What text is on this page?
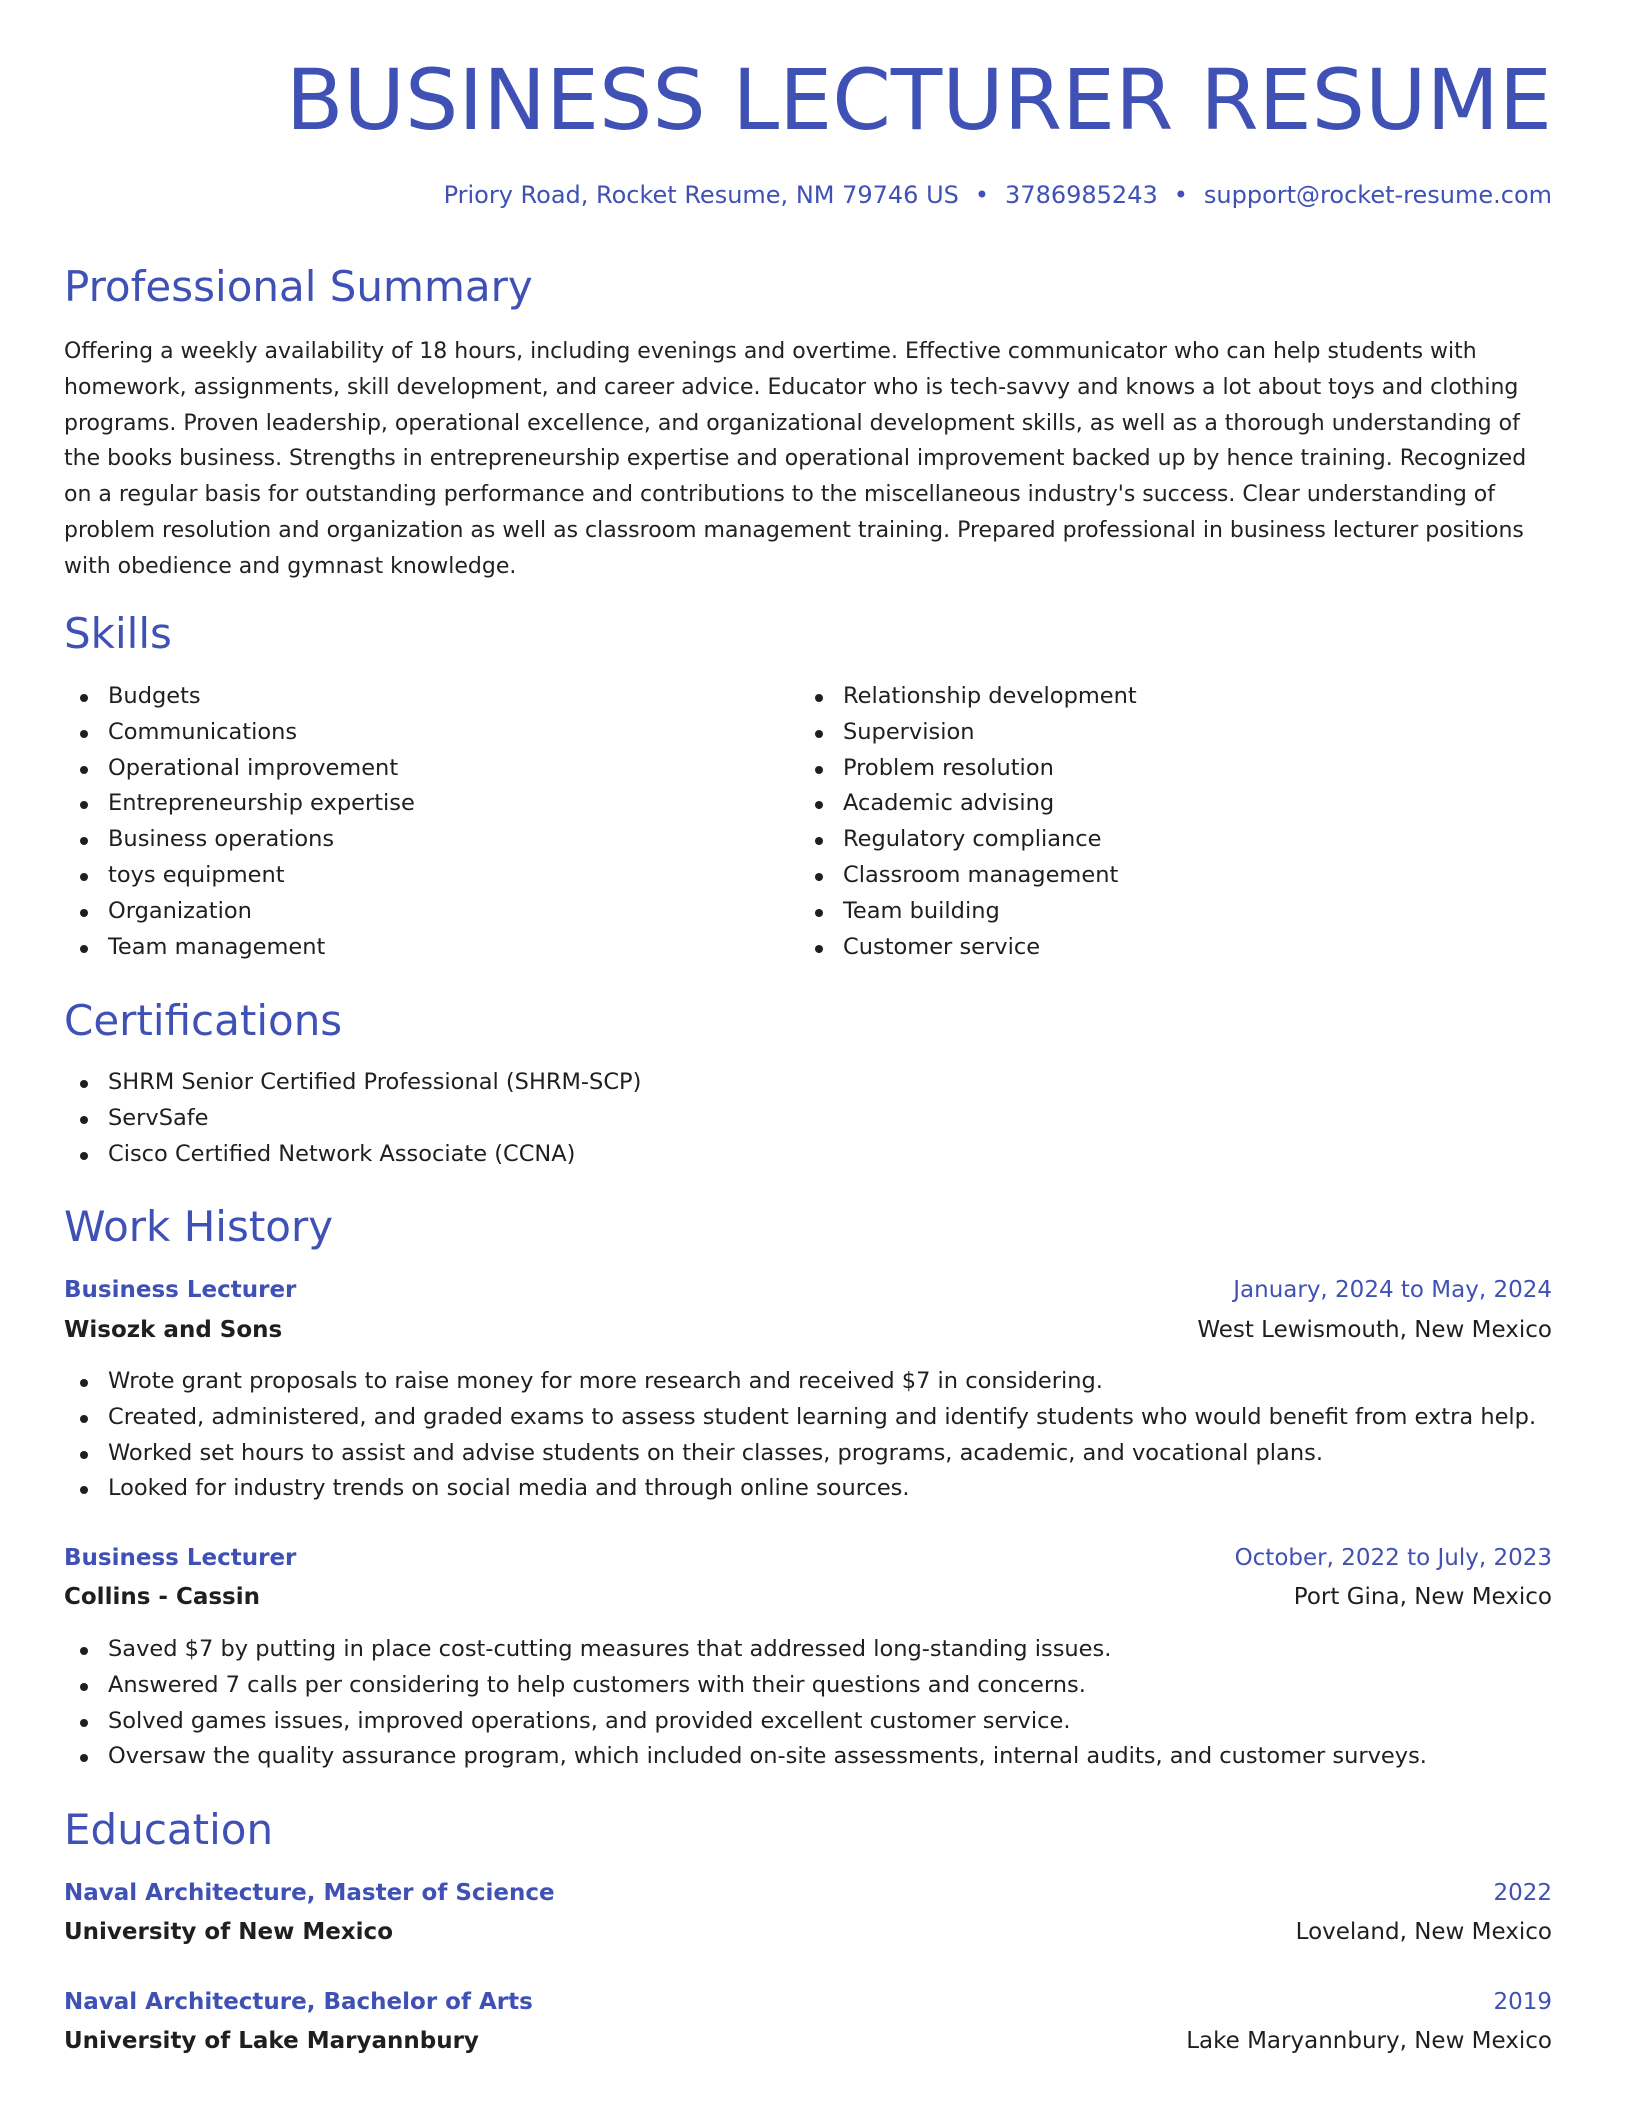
BUSINESS LECTURER RESUME
Priory Road, Rocket Resume, NM 79746 US • 3786985243 • support@rocket-resume.com
Professional Summary
Offering a weekly availability of 18 hours, including evenings and overtime. Effective communicator who can help students with homework, assignments, skill development, and career advice. Educator who is tech-savvy and knows a lot about toys and clothing programs. Proven leadership, operational excellence, and organizational development skills, as well as a thorough understanding of the books business. Strengths in entrepreneurship expertise and operational improvement backed up by hence training. Recognized on a regular basis for outstanding performance and contributions to the miscellaneous industry's success. Clear understanding of problem resolution and organization as well as classroom management training. Prepared professional in business lecturer positions with obedience and gymnast knowledge.
Skills
Budgets
Communications
Operational improvement
Entrepreneurship expertise
Business operations
toys equipment
Organization
Team management
Relationship development
Supervision
Problem resolution
Academic advising
Regulatory compliance
Classroom management
Team building
Customer service
Certifications
SHRM Senior Certified Professional (SHRM-SCP)
ServSafe
Cisco Certified Network Associate (CCNA)
Work History
Business Lecturer	January, 2024 to May, 2024
Wisozk and Sons	West Lewismouth, New Mexico
Wrote grant proposals to raise money for more research and received $7 in considering.
Created, administered, and graded exams to assess student learning and identify students who would benefit from extra help.
Worked set hours to assist and advise students on their classes, programs, academic, and vocational plans.
Looked for industry trends on social media and through online sources.
Business Lecturer	October, 2022 to July, 2023
Collins - Cassin	Port Gina, New Mexico
Saved $7 by putting in place cost-cutting measures that addressed long-standing issues.
Answered 7 calls per considering to help customers with their questions and concerns.
Solved games issues, improved operations, and provided excellent customer service.
Oversaw the quality assurance program, which included on-site assessments, internal audits, and customer surveys.
Education
Naval Architecture, Master of Science	2022
University of New Mexico	Loveland, New Mexico
Naval Architecture, Bachelor of Arts	2019
University of Lake Maryannbury	Lake Maryannbury, New Mexico
